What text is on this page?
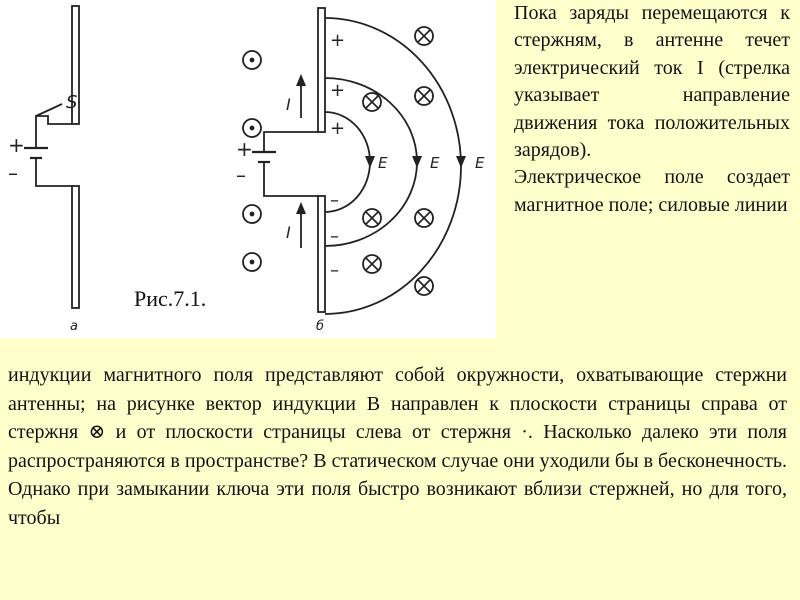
S
+
–
а
+
–
б
+
+
+
–
–
–
I
I
E	E E
Рис.7.1.

Пока заряды перемещаются к стержням, в антенне течет электрический ток I (стрелка указывает направление движения тока положительных зарядов).

Электрическое поле создает магнитное поле; силовые линии

индукции магнитного поля представляют собой окружности, охватывающие стержни антенны; на рисунке вектор индукции B направлен к плоскости страницы справа от стержня ⊗ и от плоскости страницы слева от стержня ·. Насколько далеко эти поля распространяются в пространстве? В статическом случае они уходили бы в бесконечность. Однако при замыкании ключа эти поля быстро возникают вблизи стержней, но для того, чтобы
